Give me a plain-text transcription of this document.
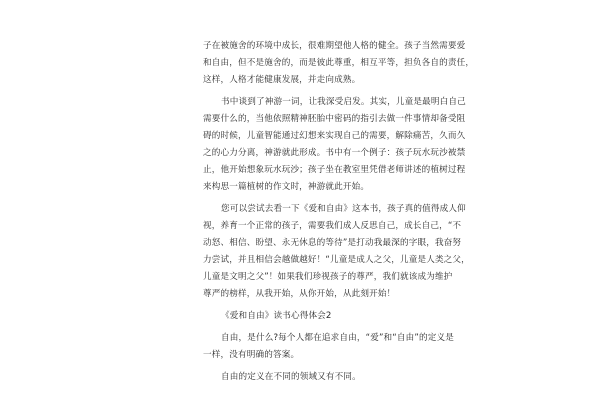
子在被施舍的环境中成长，很难期望他人格的健全。孩子当然需要爱
和自由，但不是施舍的，而是彼此尊重，相互平等，担负各自的责任，
这样，人格才能健康发展，并走向成熟。
书中谈到了神游一词，让我深受启发。其实，儿童是最明白自己
需要什么的，当他依照精神胚胎中密码的指引去做一件事情却备受阻
碍的时候，儿童智能通过幻想来实现自己的需要，解除痛苦，久而久
之的心力分离，神游就此形成。书中有一个例子：孩子玩水玩沙被禁
止，他开始想象玩水玩沙；孩子坐在教室里凭借老师讲述的植树过程
来构思一篇植树的作文时，神游就此开始。
您可以尝试去看一下《爱和自由》这本书，孩子真的值得成人仰
视，养育一个正常的孩子，需要我们成人反思自己，成长自己，“不
动怒、相信、盼望、永无休息的等待”是打动我最深的字眼，我奋努
力尝试，并且相信会越做越好！“儿童是成人之父，儿童是人类之父，
儿童是文明之父”！如果我们珍视孩子的尊严，我们就该成为维护
尊严的榜样，从我开始，从你开始，从此刻开始！
《爱和自由》读书心得体会2
自由，是什么?每个人都在追求自由，“爱”和“自由”的定义是
一样，没有明确的答案。
自由的定义在不同的领域又有不同。
